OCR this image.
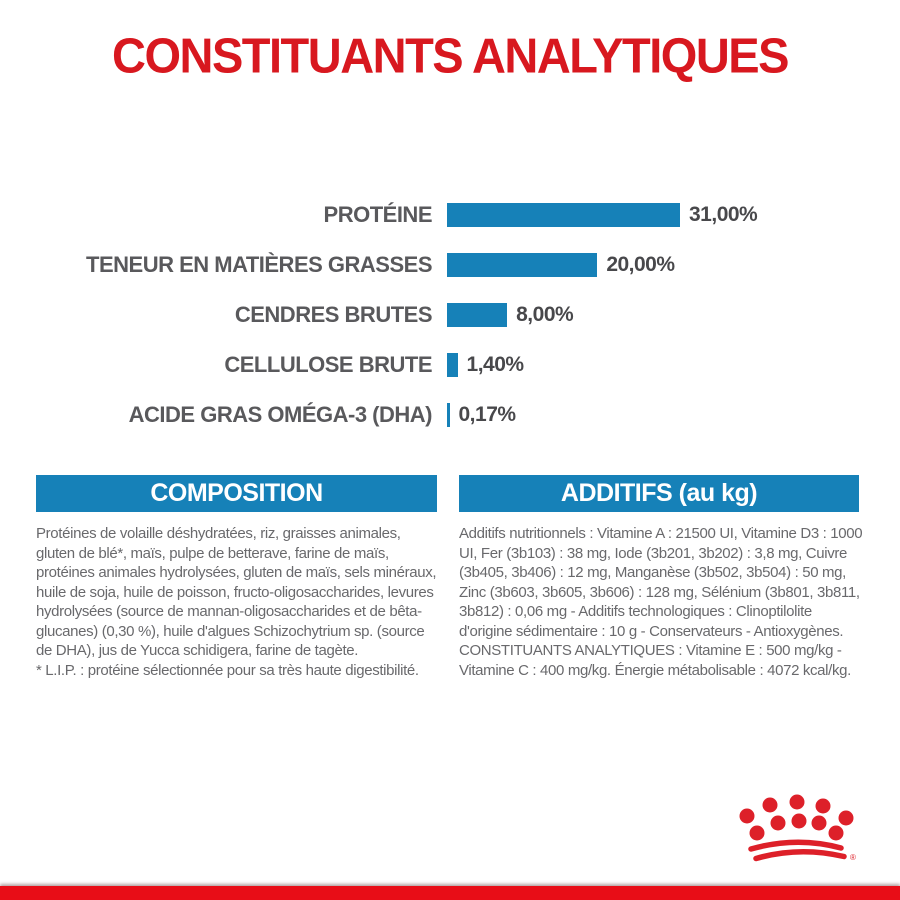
CONSTITUANTS ANALYTIQUES
PROTÉINE	31,00%
TENEUR EN MATIÈRES GRASSES	20,00%
CENDRES BRUTES	8,00%
CELLULOSE BRUTE 1,40%
ACIDE GRAS OMÉGA-3 (DHA) 0,17%
COMPOSITION	ADDITIFS (au kg)

Protéines de volaille déshydratées, riz, graisses animales, gluten de blé*, maïs, pulpe de betterave, farine de maïs, protéines animales hydrolysées, gluten de maïs, sels minéraux, huile de soja, huile de poisson, fructo-oligosaccharides, levures hydrolysées (source de mannan-oligosaccharides et de bêta-glucanes) (0,30 %), huile d'algues Schizochytrium sp. (source de DHA), jus de Yucca schidigera, farine de tagète.

* L.I.P. : protéine sélectionnée pour sa très haute digestibilité.

Additifs nutritionnels : Vitamine A : 21500 UI, Vitamine D3 : 1000 UI, Fer (3b103) : 38 mg, Iode (3b201, 3b202) : 3,8 mg, Cuivre (3b405, 3b406) : 12 mg, Manganèse (3b502, 3b504) : 50 mg, Zinc (3b603, 3b605, 3b606) : 128 mg, Sélénium (3b801, 3b811, 3b812) : 0,06 mg - Additifs technologiques : Clinoptilolite d'origine sédimentaire : 10 g - Conservateurs - Antioxygènes. CONSTITUANTS ANALYTIQUES : Vitamine E : 500 mg/kg - Vitamine C : 400 mg/kg. Énergie métabolisable : 4072 kcal/kg.

®
